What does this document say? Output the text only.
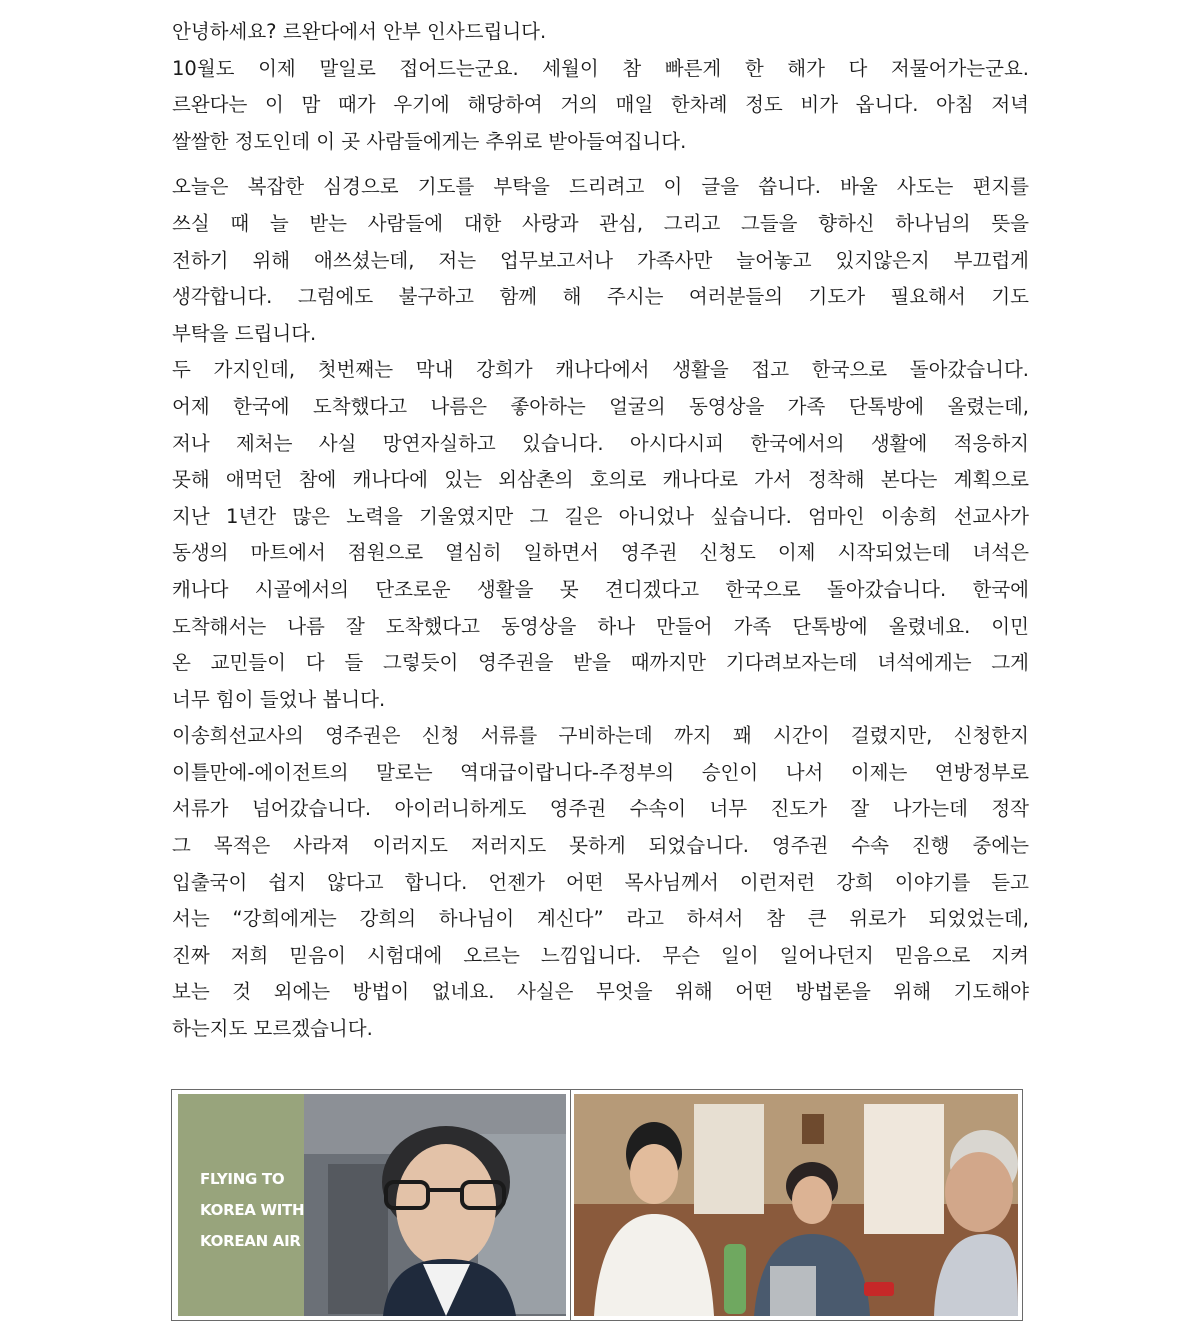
안녕하세요? 르완다에서 안부 인사드립니다.
10월도 이제 말일로 접어드는군요. 세월이 참 빠른게 한 해가 다 저물어가는군요.
르완다는 이 맘 때가 우기에 해당하여 거의 매일 한차례 정도 비가 옵니다. 아침 저녁
쌀쌀한 정도인데 이 곳 사람들에게는 추위로 받아들여집니다.
오늘은 복잡한 심경으로 기도를 부탁을 드리려고 이 글을 씁니다. 바울 사도는 편지를
쓰실 때 늘 받는 사람들에 대한 사랑과 관심, 그리고 그들을 향하신 하나님의 뜻을
전하기 위해 애쓰셨는데, 저는 업무보고서나 가족사만 늘어놓고 있지않은지 부끄럽게
생각합니다. 그럼에도 불구하고 함께 해 주시는 여러분들의 기도가 필요해서 기도
부탁을 드립니다.
두 가지인데, 첫번째는 막내 강희가 캐나다에서 생활을 접고 한국으로 돌아갔습니다.
어제 한국에 도착했다고 나름은 좋아하는 얼굴의 동영상을 가족 단톡방에 올렸는데,
저나 제처는 사실 망연자실하고 있습니다. 아시다시피 한국에서의 생활에 적응하지
못해 애먹던 참에 캐나다에 있는 외삼촌의 호의로 캐나다로 가서 정착해 본다는 계획으로
지난 1년간 많은 노력을 기울였지만 그 길은 아니었나 싶습니다. 엄마인 이송희 선교사가
동생의 마트에서 점원으로 열심히 일하면서 영주권 신청도 이제 시작되었는데 녀석은
캐나다 시골에서의 단조로운 생활을 못 견디겠다고 한국으로 돌아갔습니다. 한국에
도착해서는 나름 잘 도착했다고 동영상을 하나 만들어 가족 단톡방에 올렸네요. 이민
온 교민들이 다 들 그렇듯이 영주권을 받을 때까지만 기다려보자는데 녀석에게는 그게
너무 힘이 들었나 봅니다.
이송희선교사의 영주권은 신청 서류를 구비하는데 까지 꽤 시간이 걸렸지만, 신청한지
이틀만에-에이전트의 말로는 역대급이랍니다-주정부의 승인이 나서 이제는 연방정부로
서류가 넘어갔습니다. 아이러니하게도 영주권 수속이 너무 진도가 잘 나가는데 정작
그 목적은 사라져 이러지도 저러지도 못하게 되었습니다. 영주권 수속 진행 중에는
입출국이 쉽지 않다고 합니다. 언젠가 어떤 목사님께서 이런저런 강희 이야기를 듣고
서는 “강희에게는 강희의 하나님이 계신다” 라고 하셔서 참 큰 위로가 되었었는데,
진짜 저희 믿음이 시험대에 오르는 느낌입니다. 무슨 일이 일어나던지 믿음으로 지켜
보는 것 외에는 방법이 없네요. 사실은 무엇을 위해 어떤 방법론을 위해 기도해야
하는지도 모르겠습니다.
FLYING TO
KOREA WITH
KOREAN AIR
